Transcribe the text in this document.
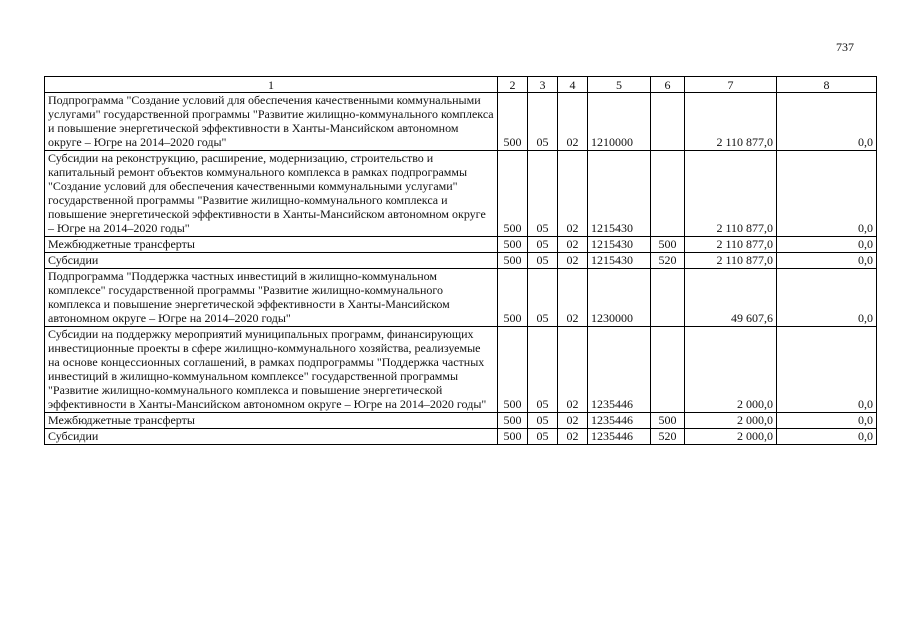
737
1	2	3	4	5	6	7	8
Подпрограмма "Создание условий для обеспечения качественными коммунальными услугами" государственной программы "Развитие жилищно-коммунального комплекса и повышение энергетической эффективности в Ханты-Мансийском автономном округе – Югре на 2014–2020 годы"	500	05	02	1210000		2 110 877,0	0,0
Субсидии на реконструкцию, расширение, модернизацию, строительство и капитальный ремонт объектов коммунального комплекса в рамках подпрограммы "Создание условий для обеспечения качественными коммунальными услугами" государственной программы "Развитие жилищно-коммунального комплекса и повышение энергетической эффективности в Ханты-Мансийском автономном округе – Югре на 2014–2020 годы"	500	05	02	1215430		2 110 877,0	0,0
Межбюджетные трансферты	500	05	02	1215430	500	2 110 877,0	0,0
Субсидии	500	05	02	1215430	520	2 110 877,0	0,0
Подпрограмма "Поддержка частных инвестиций в жилищно-коммунальном комплексе" государственной программы "Развитие жилищно-коммунального комплекса и повышение энергетической эффективности в Ханты-Мансийском автономном округе – Югре на 2014–2020 годы"	500	05	02	1230000		49 607,6	0,0
Субсидии на поддержку мероприятий муниципальных программ, финансирующих инвестиционные проекты в сфере жилищно-коммунального хозяйства, реализуемые на основе концессионных соглашений, в рамках подпрограммы "Поддержка частных инвестиций в жилищно-коммунальном комплексе" государственной программы "Развитие жилищно-коммунального комплекса и повышение энергетической эффективности в Ханты-Мансийском автономном округе – Югре на 2014–2020 годы"	500	05	02	1235446		2 000,0	0,0
Межбюджетные трансферты	500	05	02	1235446	500	2 000,0	0,0
Субсидии	500	05	02	1235446	520	2 000,0	0,0
